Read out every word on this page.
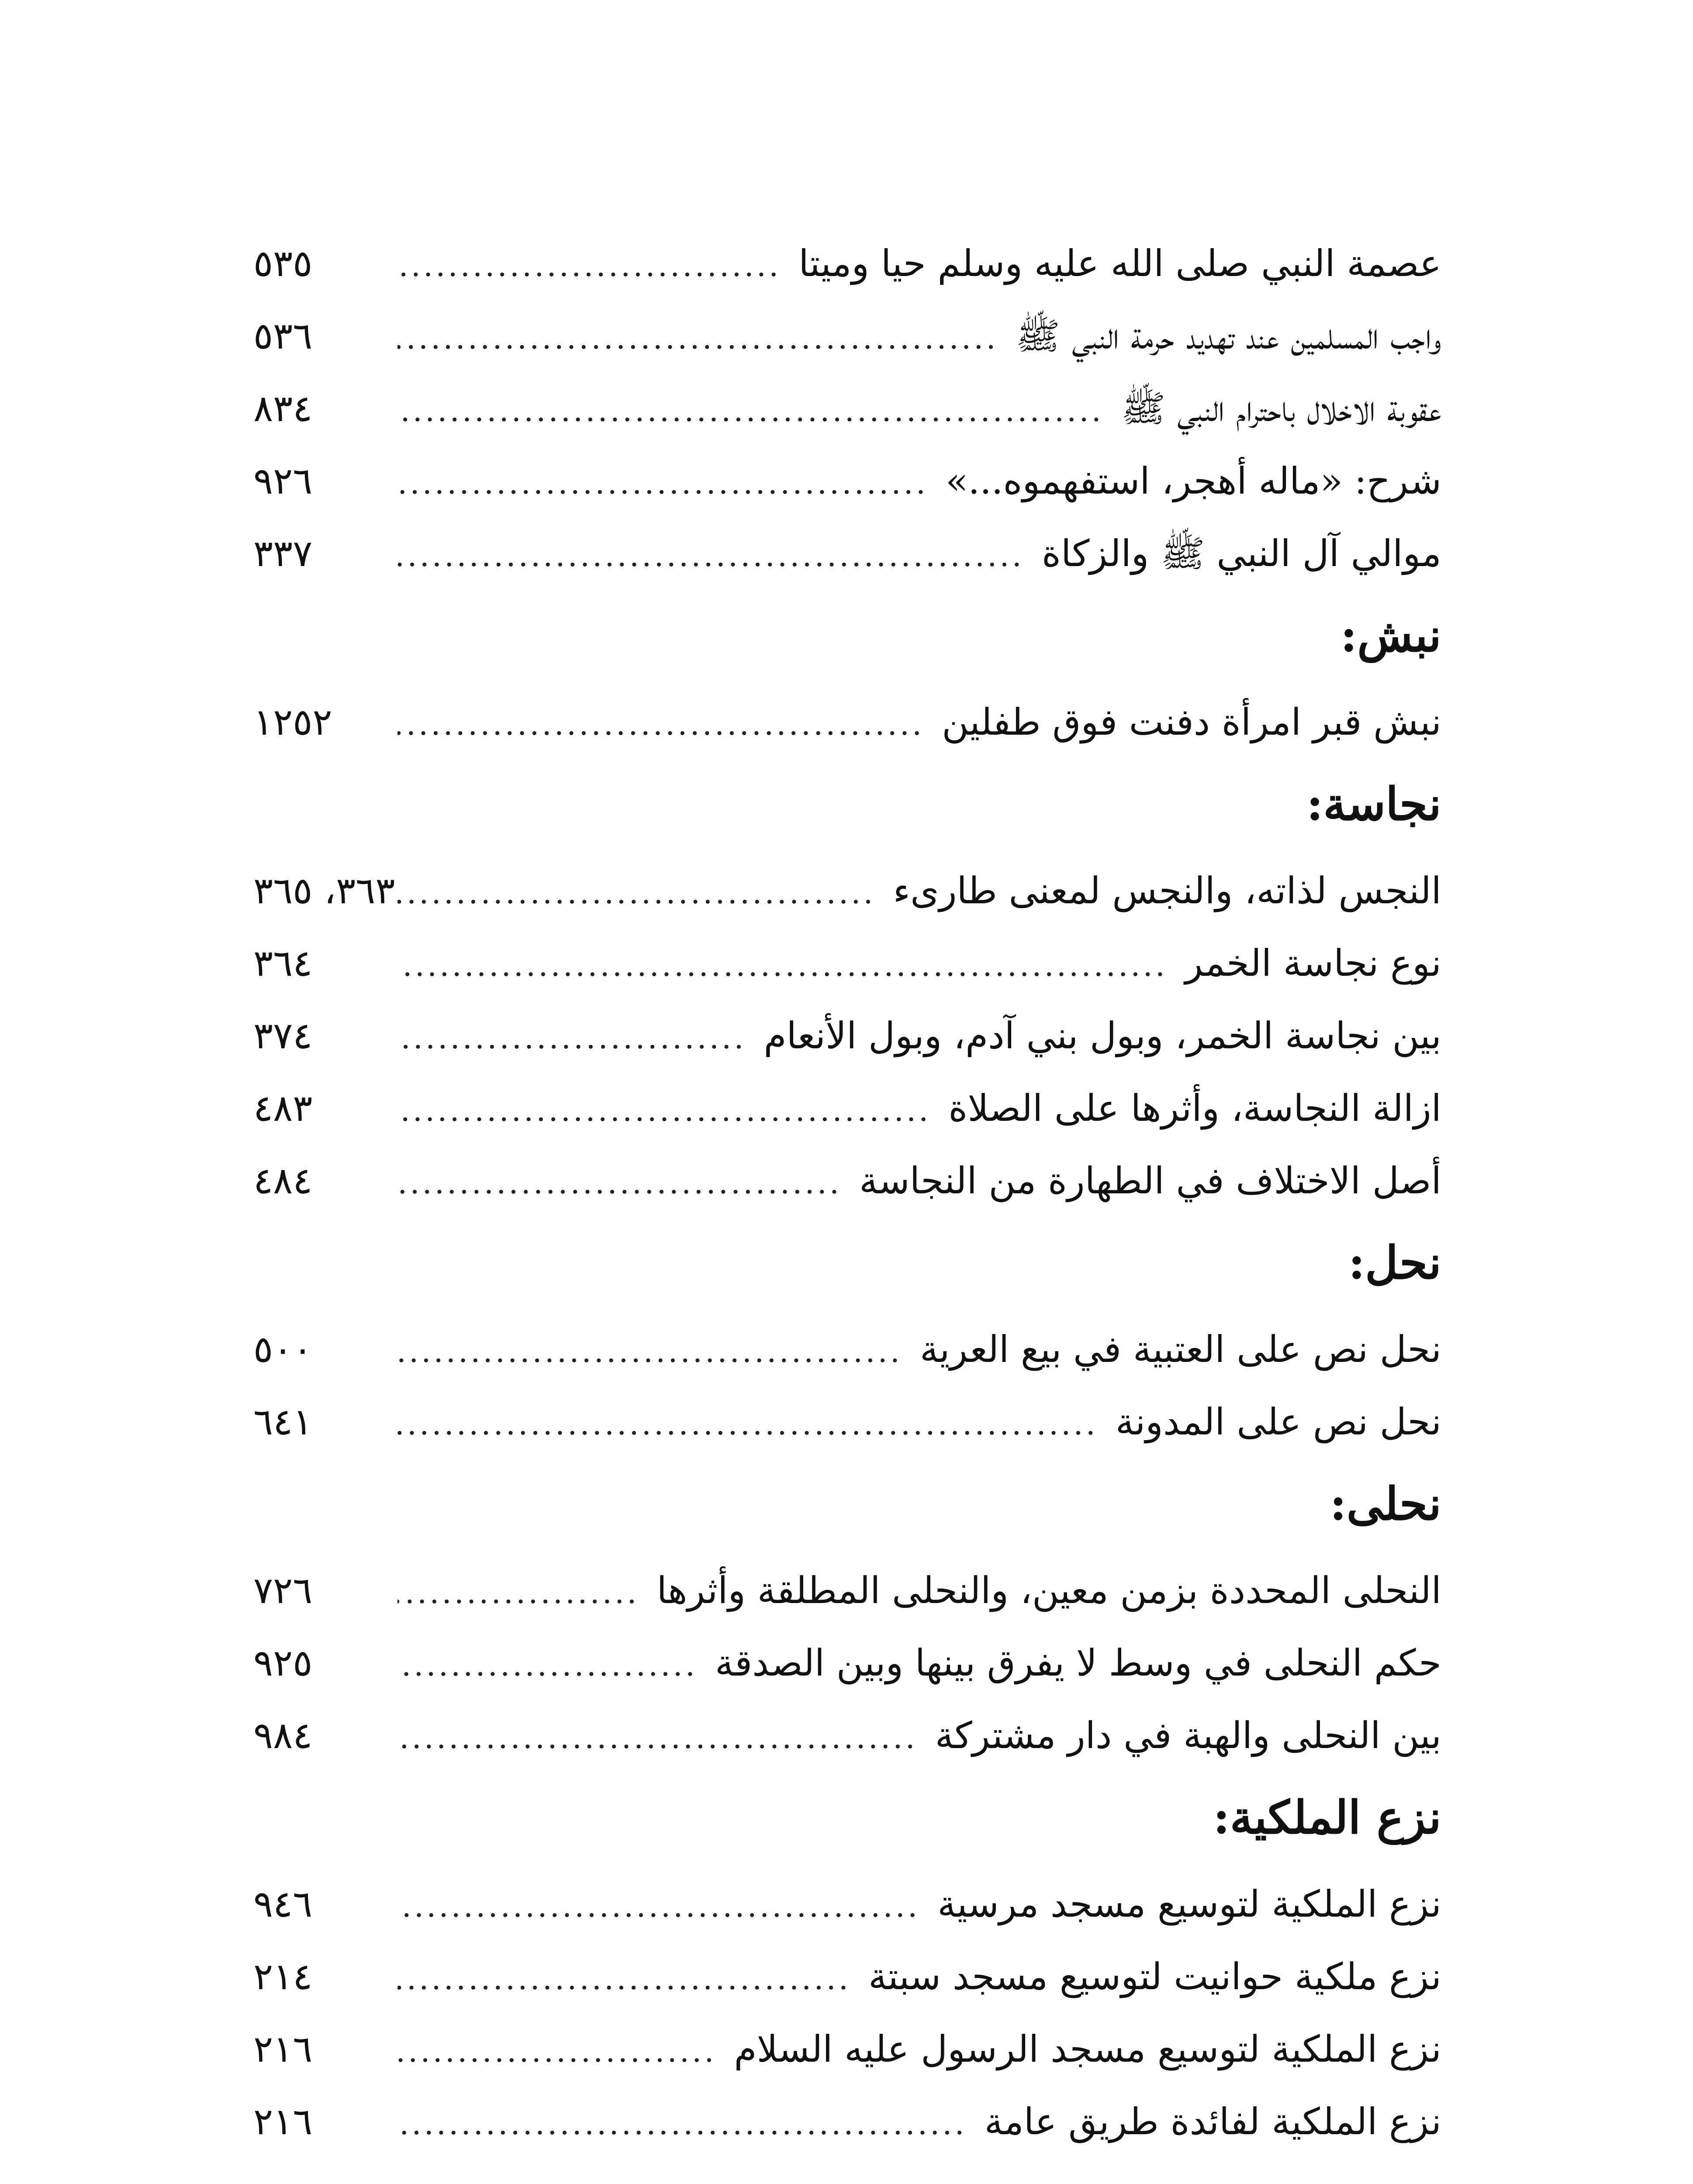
عصمة النبي صلى الله عليه وسلم حيا وميتا
.....
٥٣٥
واجب المسلمين عند تهديد حرمة النبي ﷺ
.....
٥٣٦
عقوبة الاخلال باحترام النبي ﷺ
.....
٨٣٤
شرح: «ماله أهجر، استفهموه...»
.....
٩٢٦
موالي آل النبي ﷺ والزكاة
.....
٣٣٧
نبش:
نبش قبر امرأة دفنت فوق طفلين
.....
١٢٥٢
نجاسة:
النجس لذاته، والنجس لمعنى طارىء
.....
٣٦٣، ٣٦٥
نوع نجاسة الخمر
.....
٣٦٤
بين نجاسة الخمر، وبول بني آدم، وبول الأنعام
.....
٣٧٤
ازالة النجاسة، وأثرها على الصلاة
.....
٤٨٣
أصل الاختلاف في الطهارة من النجاسة
.....
٤٨٤
نحل:
نحل نص على العتبية في بيع العرية
.....
٥٠٠
نحل نص على المدونة
.....
٦٤١
نحلى:
النحلى المحددة بزمن معين، والنحلى المطلقة وأثرها
.....
٧٢٦
حكم النحلى في وسط لا يفرق بينها وبين الصدقة
.....
٩٢٥
بين النحلى والهبة في دار مشتركة
.....
٩٨٤
نزع الملكية:
نزع الملكية لتوسيع مسجد مرسية
.....
٩٤٦
نزع ملكية حوانيت لتوسيع مسجد سبتة
.....
٢١٤
نزع الملكية لتوسيع مسجد الرسول عليه السلام
.....
٢١٦
نزع الملكية لفائدة طريق عامة
.....
٢١٦
